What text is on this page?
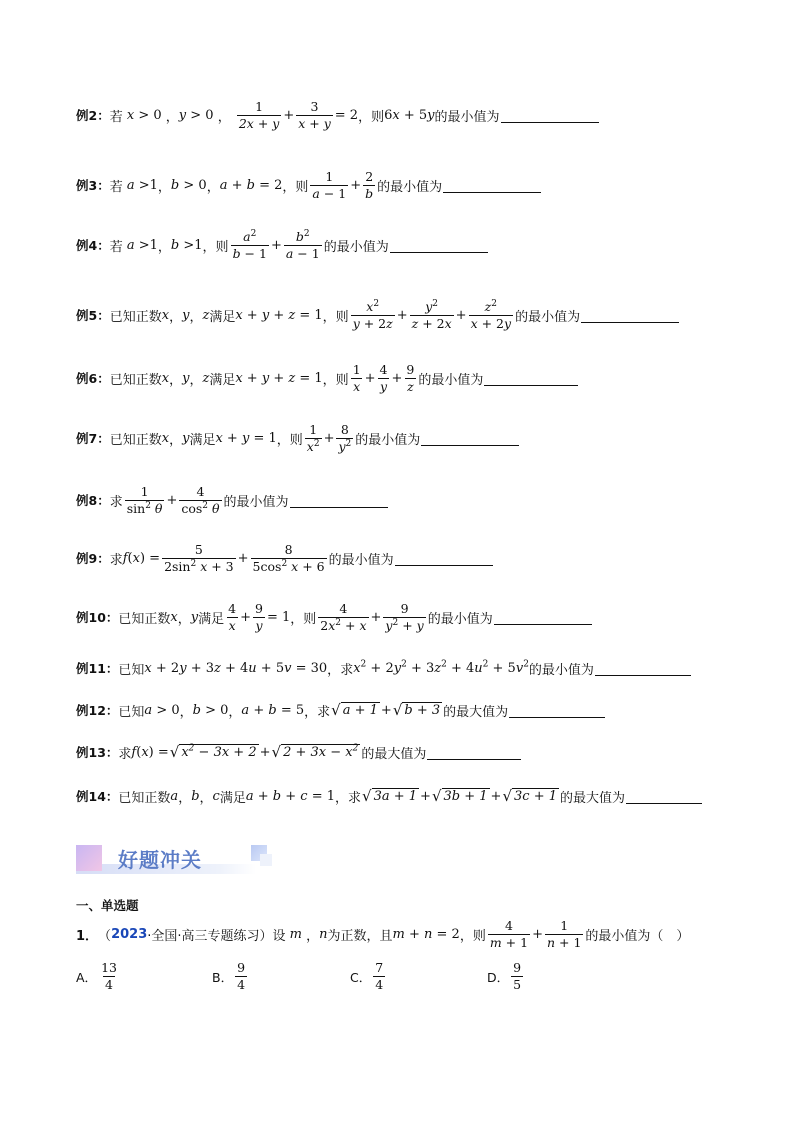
例2： 若 x > 0 ， y > 0 ， $\frac{1}{2x + y} + \frac{3}{x + y} = 2$ ，则 6x + 5y 的最小值为
例3： 若 a >1 ， b > 0 ， a + b = 2 ，则 $\frac{1}{a - 1} + \frac{2}{b}$ 的最小值为
例4： 若 a >1 ， b >1 ，则 $\frac{a^2}{b - 1} + \frac{b^2}{a - 1}$ 的最小值为
例5： 已知正数 x ， y ， z 满足 x + y + z = 1 ，则 $\frac{x^2}{y + 2z} + \frac{y^2}{z + 2x} + \frac{z^2}{x + 2y}$ 的最小值为
例6： 已知正数 x ， y ， z 满足 x + y + z = 1 ，则 $\frac{1}{x} + \frac{4}{y} + \frac{9}{z}$ 的最小值为
例7： 已知正数 x ， y 满足 x + y = 1 ，则 $\frac{1}{x^2} + \frac{8}{y^2}$ 的最小值为
例8： 求 $\frac{1}{\sin^2 \theta} + \frac{4}{\cos^2 \theta}$ 的最小值为
例9： 求 $f(x) = \frac{5}{2\sin^2 x + 3} + \frac{8}{5\cos^2 x + 6}$ 的最小值为
例10： 已知正数 x ， y 满足 $\frac{4}{x} + \frac{9}{y} = 1$ ，则 $\frac{4}{2x^2 + x} + \frac{9}{y^2 + y}$ 的最小值为
例11： 已知 x + 2y + 3z + 4u + 5v = 30 ， 求 $x^2 + 2y^2 + 3z^2 + 4u^2 + 5v^2$ 的最小值为
例12： 已知 a > 0 ， b > 0 ， a + b = 5 ， 求 √ a + 1 + √ b + 3 的最大值为
例13： 求 f(x) = √ $x^2 - 3x + 2$ + √ $2 + 3x - x^2$ 的最大值为
例14： 已知正数 a ， b ， c 满足 a + b + c = 1 ， 求 √ 3a + 1 + √ 3b + 1 + √ 3c + 1 的最大值为
好题冲关
一、单选题
1． （ 2023 ·全国·高三专题练习）设 m ， n 为正数，且 m + n = 2 ，则 $\frac{4}{m + 1} + \frac{1}{n + 1}$ 的最小值为（　）
A． $\frac{13}{4}$	B． $\frac{9}{4}$	C． $\frac{7}{4}$	D． $\frac{9}{5}$
